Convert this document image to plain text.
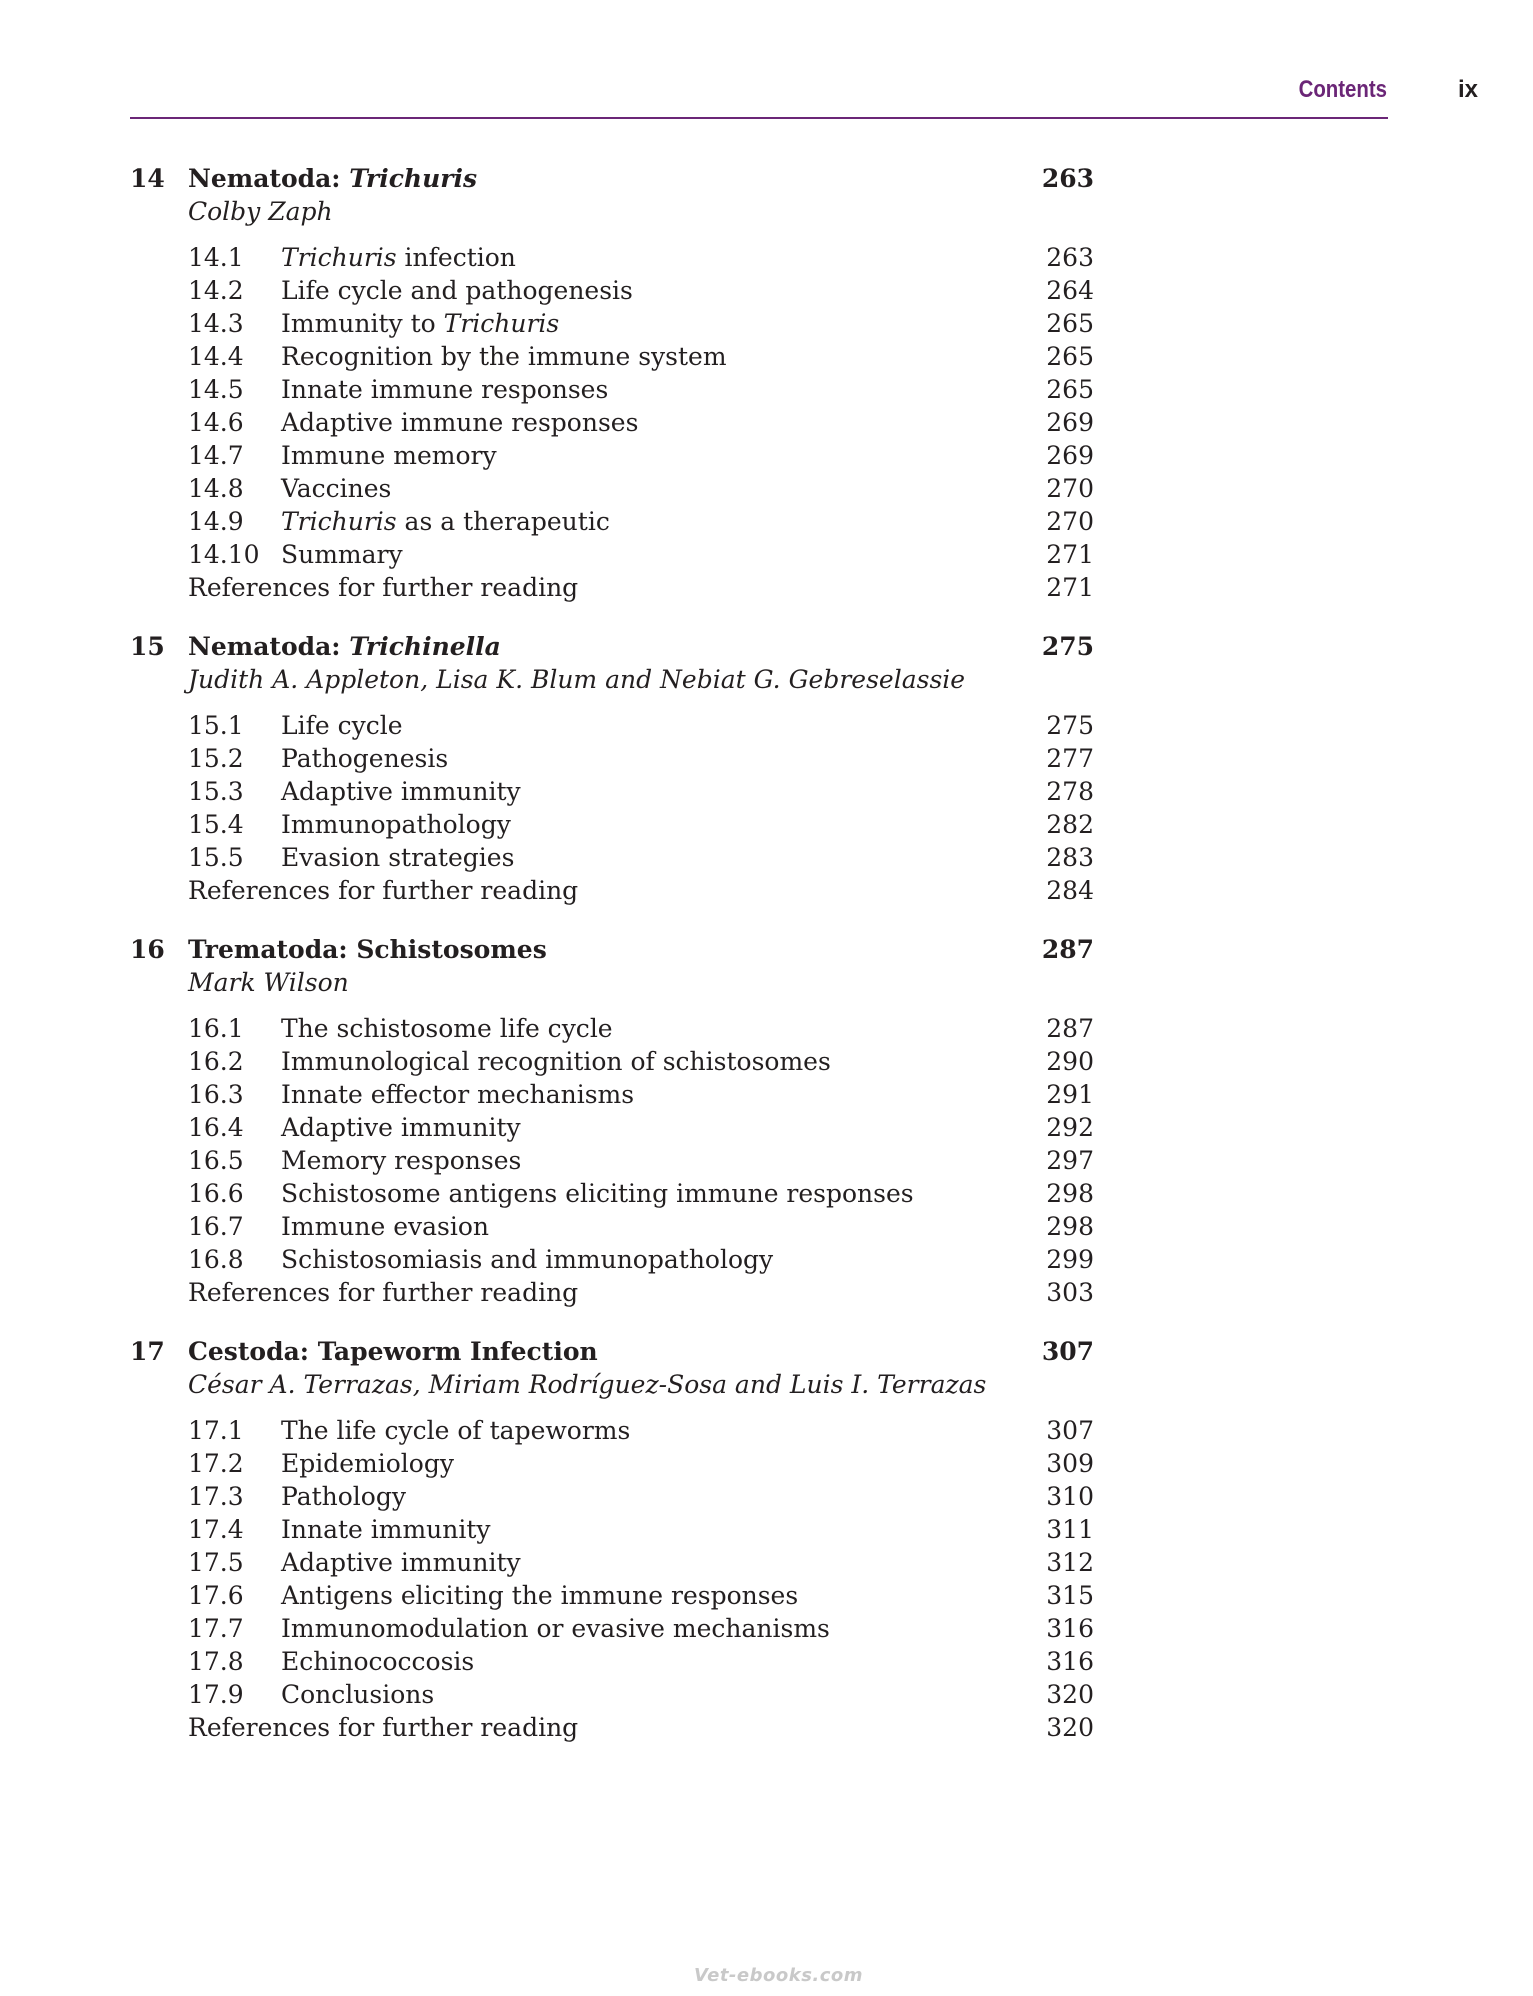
Contents	ix
14 Nematoda: Trichuris	263
Colby Zaph
14.1 Trichuris infection	263
14.2 Life cycle and pathogenesis	264
14.3 Immunity to Trichuris	265
14.4 Recognition by the immune system	265
14.5 Innate immune responses	265
14.6 Adaptive immune responses	269
14.7 Immune memory	269
14.8 Vaccines	270
14.9 Trichuris as a therapeutic	270
14.10 Summary	271
References for further reading	271
15 Nematoda: Trichinella	275
Judith A. Appleton, Lisa K. Blum and Nebiat G. Gebreselassie
15.1 Life cycle	275
15.2 Pathogenesis	277
15.3 Adaptive immunity	278
15.4 Immunopathology	282
15.5 Evasion strategies	283
References for further reading	284
16 Trematoda: Schistosomes	287
Mark Wilson
16.1 The schistosome life cycle	287
16.2 Immunological recognition of schistosomes	290
16.3 Innate effector mechanisms	291
16.4 Adaptive immunity	292
16.5 Memory responses	297
16.6 Schistosome antigens eliciting immune responses	298
16.7 Immune evasion	298
16.8 Schistosomiasis and immunopathology	299
References for further reading	303
17 Cestoda: Tapeworm Infection	307
César A. Terrazas, Miriam Rodríguez-Sosa and Luis I. Terrazas
17.1 The life cycle of tapeworms	307
17.2 Epidemiology	309
17.3 Pathology	310
17.4 Innate immunity	311
17.5 Adaptive immunity	312
17.6 Antigens eliciting the immune responses	315
17.7 Immunomodulation or evasive mechanisms	316
17.8 Echinococcosis	316
17.9 Conclusions	320
References for further reading	320
Vet-ebooks.com
